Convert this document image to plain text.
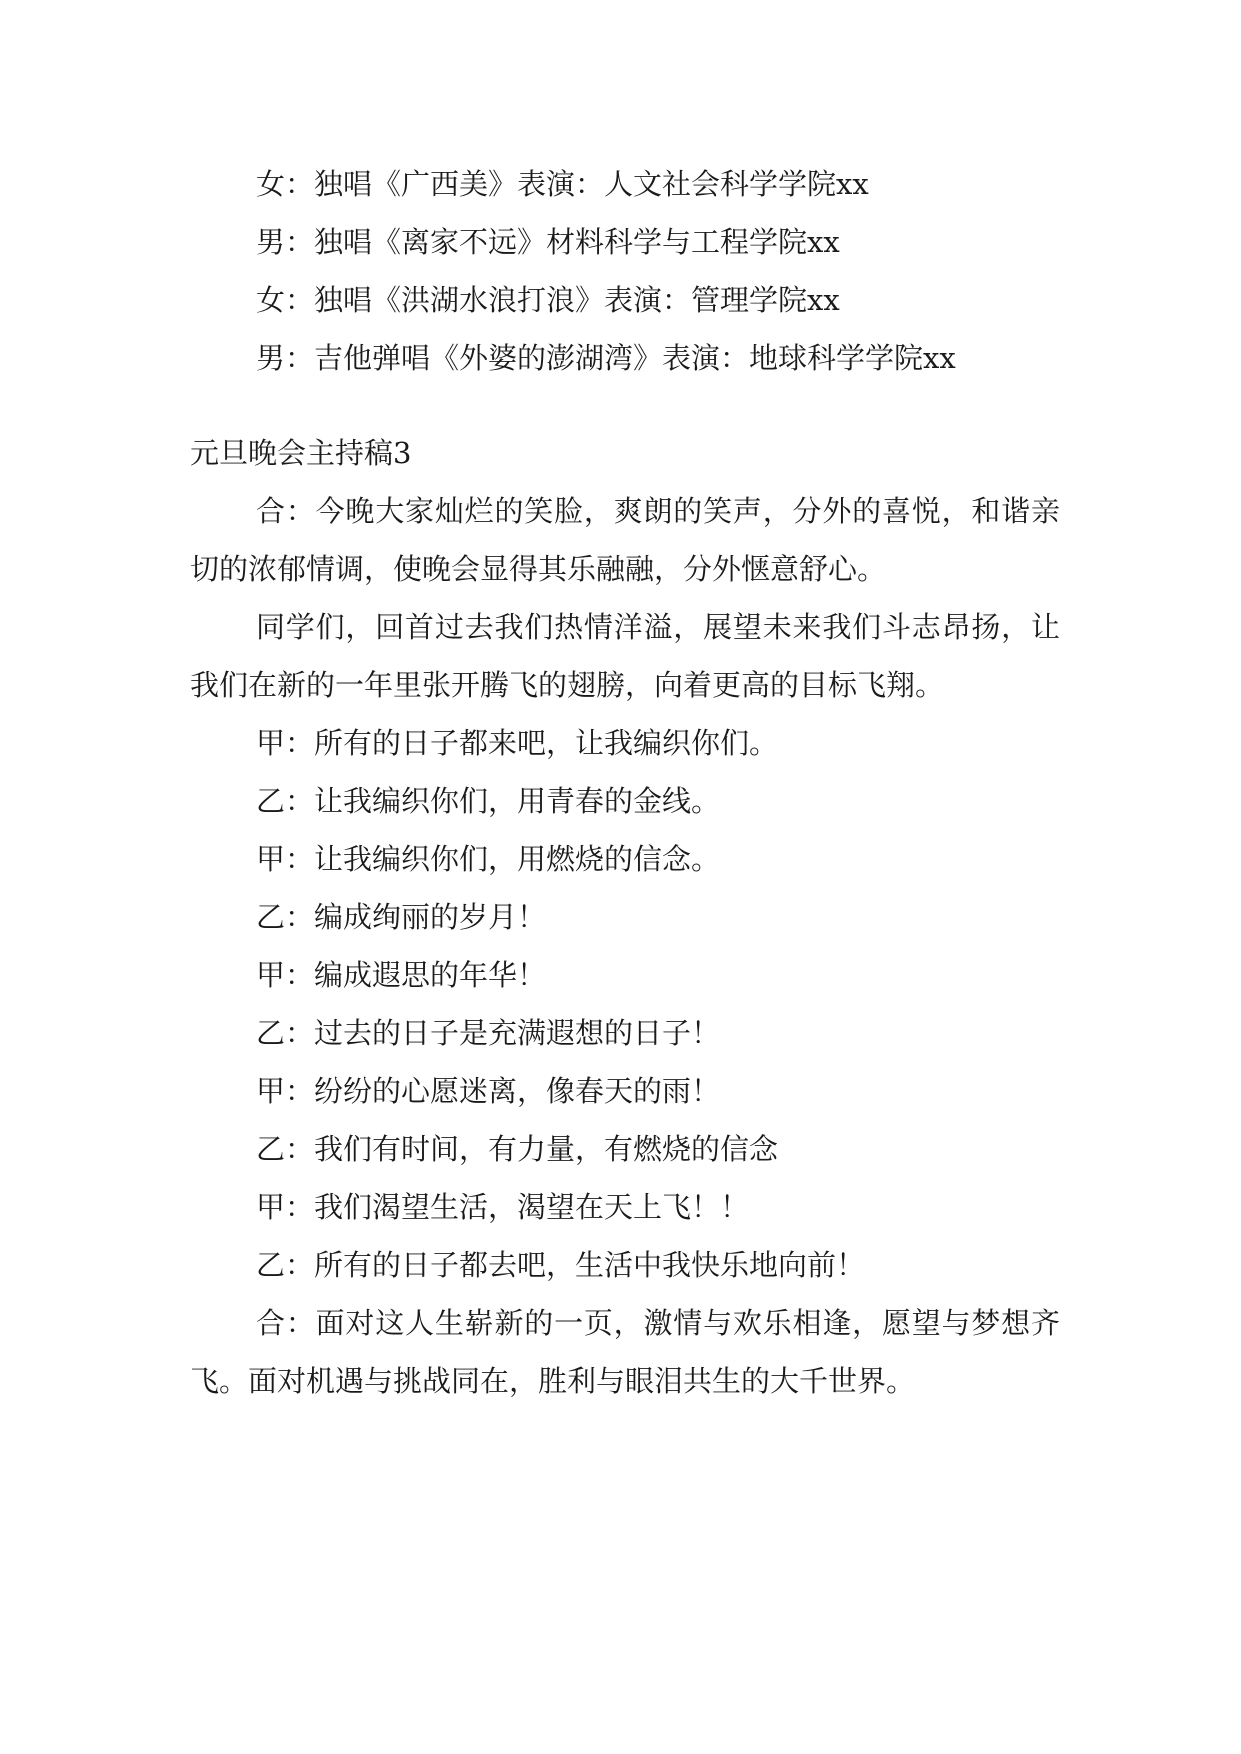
女：独唱《广西美》表演：人文社会科学学院xx

男：独唱《离家不远》材料科学与工程学院xx

女：独唱《洪湖水浪打浪》表演：管理学院xx

男：吉他弹唱《外婆的澎湖湾》表演：地球科学学院xx

元旦晚会主持稿3

合：今晚大家灿烂的笑脸，爽朗的笑声，分外的喜悦，和谐亲切的浓郁情调，使晚会显得其乐融融，分外惬意舒心。

同学们，回首过去我们热情洋溢，展望未来我们斗志昂扬，让我们在新的一年里张开腾飞的翅膀，向着更高的目标飞翔。

甲：所有的日子都来吧，让我编织你们。

乙：让我编织你们，用青春的金线。

甲：让我编织你们，用燃烧的信念。

乙：编成绚丽的岁月！

甲：编成遐思的年华！

乙：过去的日子是充满遐想的日子！

甲：纷纷的心愿迷离，像春天的雨！

乙：我们有时间，有力量，有燃烧的信念

甲：我们渴望生活，渴望在天上飞！！

乙：所有的日子都去吧，生活中我快乐地向前！

合：面对这人生崭新的一页，激情与欢乐相逢，愿望与梦想齐飞。面对机遇与挑战同在，胜利与眼泪共生的大千世界。
